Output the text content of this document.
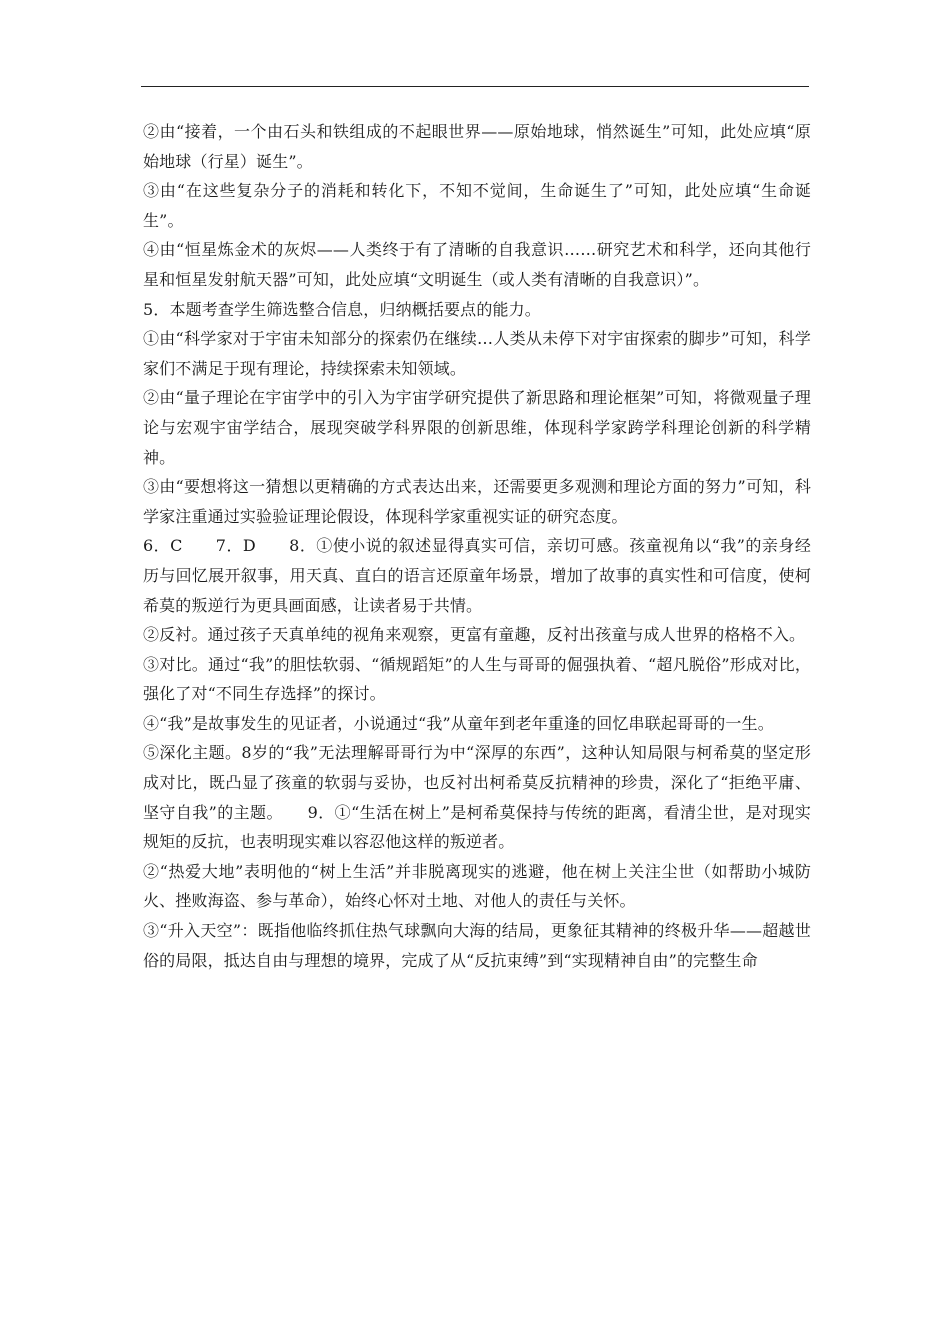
②由“接着，一个由石头和铁组成的不起眼世界——原始地球，悄然诞生”可知，此处应填“原始地球（行星）诞生”。

③由“在这些复杂分子的消耗和转化下，不知不觉间，生命诞生了”可知，此处应填“生命诞生”。

④由“恒星炼金术的灰烬——人类终于有了清晰的自我意识……研究艺术和科学，还向其他行星和恒星发射航天器”可知，此处应填“文明诞生（或人类有清晰的自我意识）”。

5．本题考查学生筛选整合信息，归纳概括要点的能力。

①由“科学家对于宇宙未知部分的探索仍在继续…人类从未停下对宇宙探索的脚步”可知，科学家们不满足于现有理论，持续探索未知领域。

②由“量子理论在宇宙学中的引入为宇宙学研究提供了新思路和理论框架”可知，将微观量子理论与宏观宇宙学结合，展现突破学科界限的创新思维，体现科学家跨学科理论创新的科学精神。

③由“要想将这一猜想以更精确的方式表达出来，还需要更多观测和理论方面的努力”可知，科学家注重通过实验验证理论假设，体现科学家重视实证的研究态度。

6．C　　7．D　　8．①使小说的叙述显得真实可信，亲切可感。孩童视角以“我”的亲身经历与回忆展开叙事，用天真、直白的语言还原童年场景，增加了故事的真实性和可信度，使柯希莫的叛逆行为更具画面感，让读者易于共情。

②反衬。通过孩子天真单纯的视角来观察，更富有童趣，反衬出孩童与成人世界的格格不入。

③对比。通过“我”的胆怯软弱、“循规蹈矩”的人生与哥哥的倔强执着、“超凡脱俗”形成对比，强化了对“不同生存选择”的探讨。

④“我”是故事发生的见证者，小说通过“我”从童年到老年重逢的回忆串联起哥哥的一生。

⑤深化主题。8岁的“我”无法理解哥哥行为中“深厚的东西”，这种认知局限与柯希莫的坚定形成对比，既凸显了孩童的软弱与妥协，也反衬出柯希莫反抗精神的珍贵，深化了“拒绝平庸、坚守自我”的主题。　　9．①“生活在树上”是柯希莫保持与传统的距离，看清尘世，是对现实规矩的反抗，也表明现实难以容忍他这样的叛逆者。

②“热爱大地”表明他的“树上生活”并非脱离现实的逃避，他在树上关注尘世（如帮助小城防火、挫败海盗、参与革命），始终心怀对土地、对他人的责任与关怀。

③“升入天空”：既指他临终抓住热气球飘向大海的结局，更象征其精神的终极升华——超越世俗的局限，抵达自由与理想的境界，完成了从“反抗束缚”到“实现精神自由”的完整生命
